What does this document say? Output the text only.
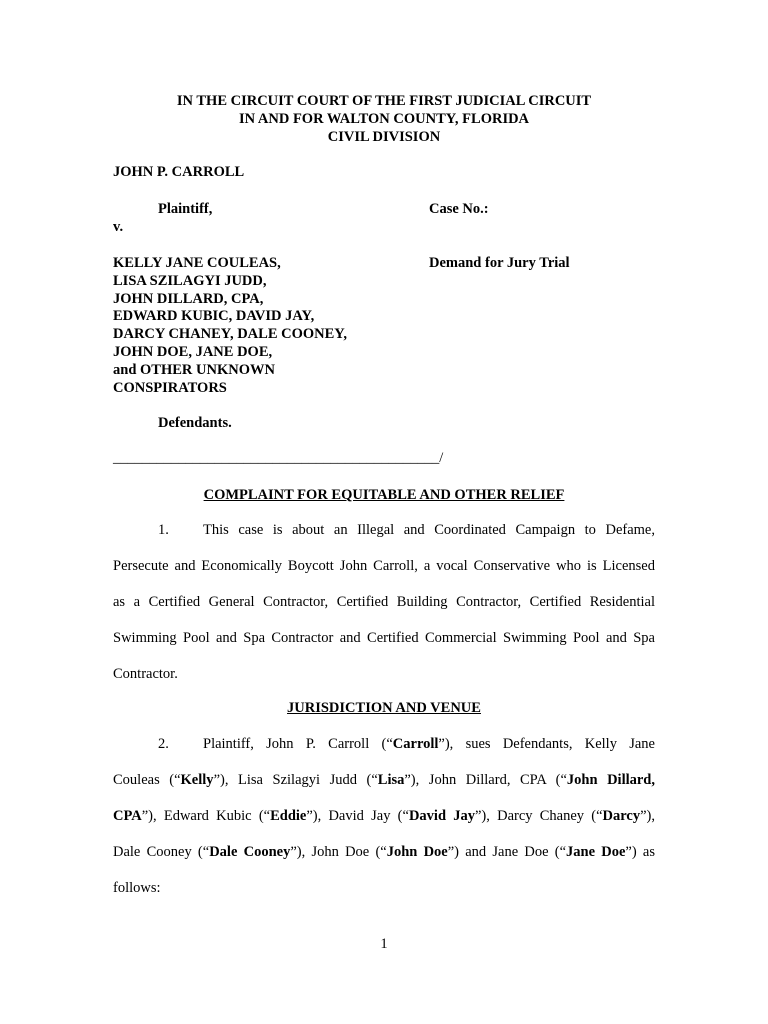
IN THE CIRCUIT COURT OF THE FIRST JUDICIAL CIRCUIT
IN AND FOR WALTON COUNTY, FLORIDA
CIVIL DIVISION
JOHN P. CARROLL
Plaintiff,	Case No.:
v.
KELLY JANE COULEAS,
LISA SZILAGYI JUDD,
JOHN DILLARD, CPA,
EDWARD KUBIC, DAVID JAY,
DARCY CHANEY, DALE COONEY,
JOHN DOE, JANE DOE,
and OTHER UNKNOWN
CONSPIRATORS
Demand for Jury Trial
Defendants.
_____________________________________________/
COMPLAINT FOR EQUITABLE AND OTHER RELIEF
1. This case is about an Illegal and Coordinated Campaign to Defame,
Persecute and Economically Boycott John Carroll, a vocal Conservative who is Licensed
as a Certified General Contractor, Certified Building Contractor, Certified Residential
Swimming Pool and Spa Contractor and Certified Commercial Swimming Pool and Spa
Contractor.
JURISDICTION AND VENUE
2. Plaintiff, John P. Carroll (“Carroll”), sues Defendants, Kelly Jane
Couleas (“Kelly”), Lisa Szilagyi Judd (“Lisa”), John Dillard, CPA (“John Dillard,
CPA”), Edward Kubic (“Eddie”), David Jay (“David Jay”), Darcy Chaney (“Darcy”),
Dale Cooney (“Dale Cooney”), John Doe (“John Doe”) and Jane Doe (“Jane Doe”) as
follows:
1
